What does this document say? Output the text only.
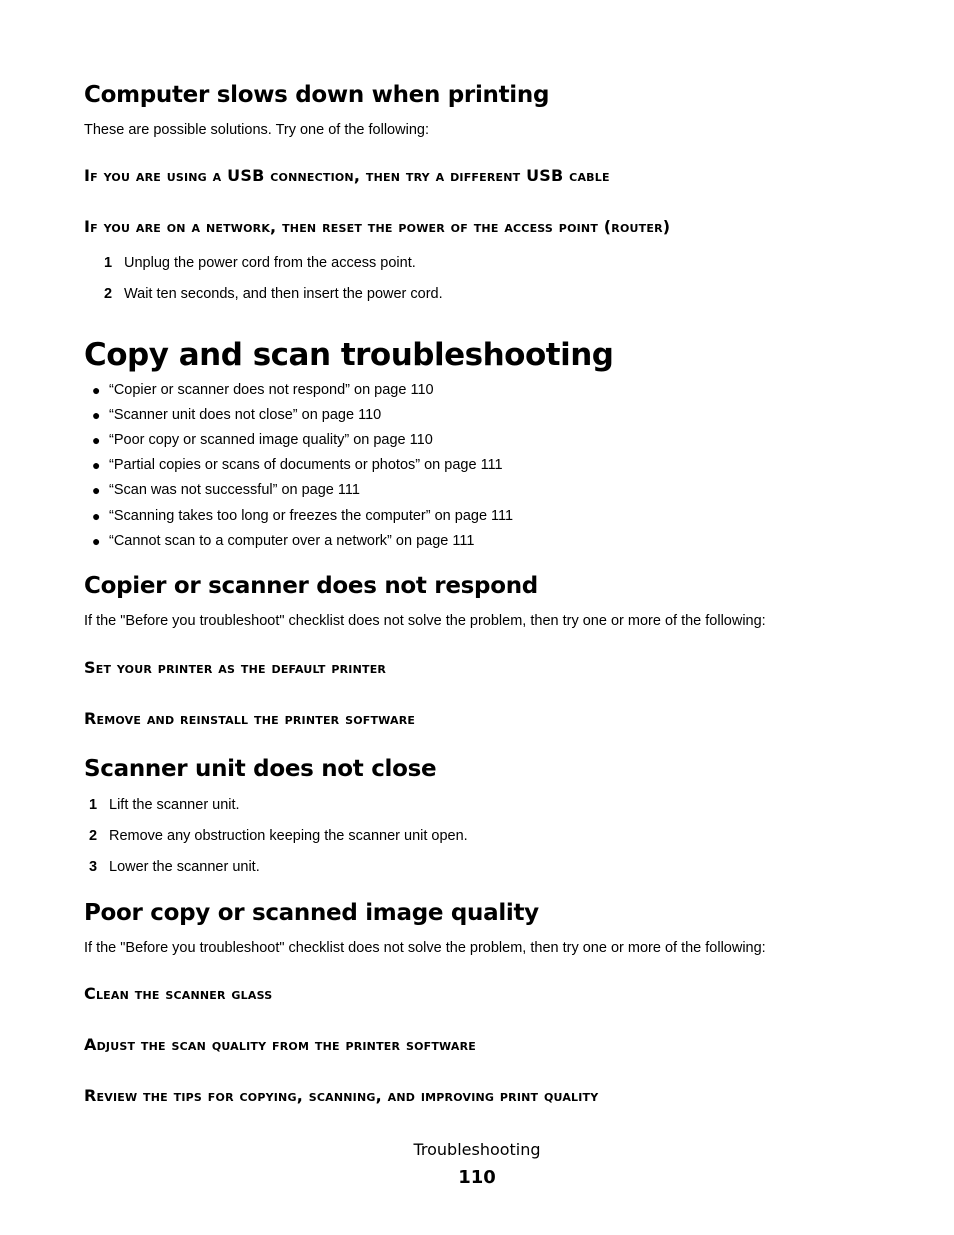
Computer slows down when printing

These are possible solutions. Try one of the following:

If you are using a USB connection, then try a different USB cable
If you are on a network, then reset the power of the access point (router)
1 Unplug the power cord from the access point.
2 Wait ten seconds, and then insert the power cord.
Copy and scan troubleshooting
● “Copier or scanner does not respond” on page 110
● “Scanner unit does not close” on page 110
● “Poor copy or scanned image quality” on page 110
● “Partial copies or scans of documents or photos” on page 111
● “Scan was not successful” on page 111
● “Scanning takes too long or freezes the computer” on page 111
● “Cannot scan to a computer over a network” on page 111
Copier or scanner does not respond

If the "Before you troubleshoot" checklist does not solve the problem, then try one or more of the following:

Set your printer as the default printer
Remove and reinstall the printer software
Scanner unit does not close
1 Lift the scanner unit.
2 Remove any obstruction keeping the scanner unit open.
3 Lower the scanner unit.
Poor copy or scanned image quality

If the "Before you troubleshoot" checklist does not solve the problem, then try one or more of the following:

Clean the scanner glass
Adjust the scan quality from the printer software
Review the tips for copying, scanning, and improving print quality
Troubleshooting
110
